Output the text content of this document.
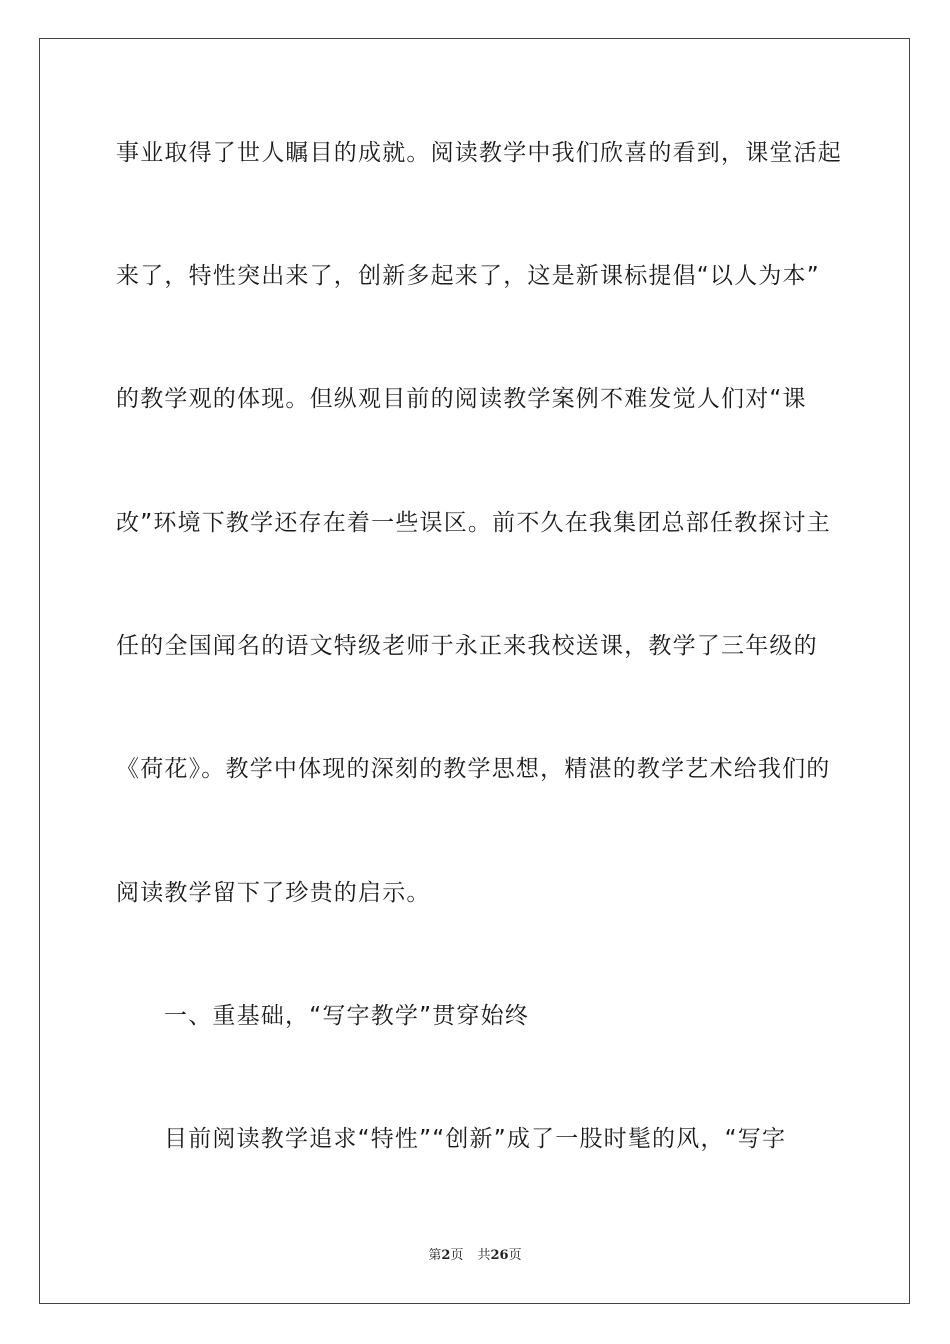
事业取得了世人瞩目的成就。阅读教学中我们欣喜的看到，课堂活起
来了，特性突出来了，创新多起来了，这是新课标提倡“以人为本”
的教学观的体现。但纵观目前的阅读教学案例不难发觉人们对“课
改”环境下教学还存在着一些误区。前不久在我集团总部任教探讨主
任的全国闻名的语文特级老师于永正来我校送课，教学了三年级的
《荷花》。教学中体现的深刻的教学思想，精湛的教学艺术给我们的
阅读教学留下了珍贵的启示。
一、重基础，“写字教学”贯穿始终
目前阅读教学追求“特性”“创新”成了一股时髦的风，“写字
第2页 共26页
